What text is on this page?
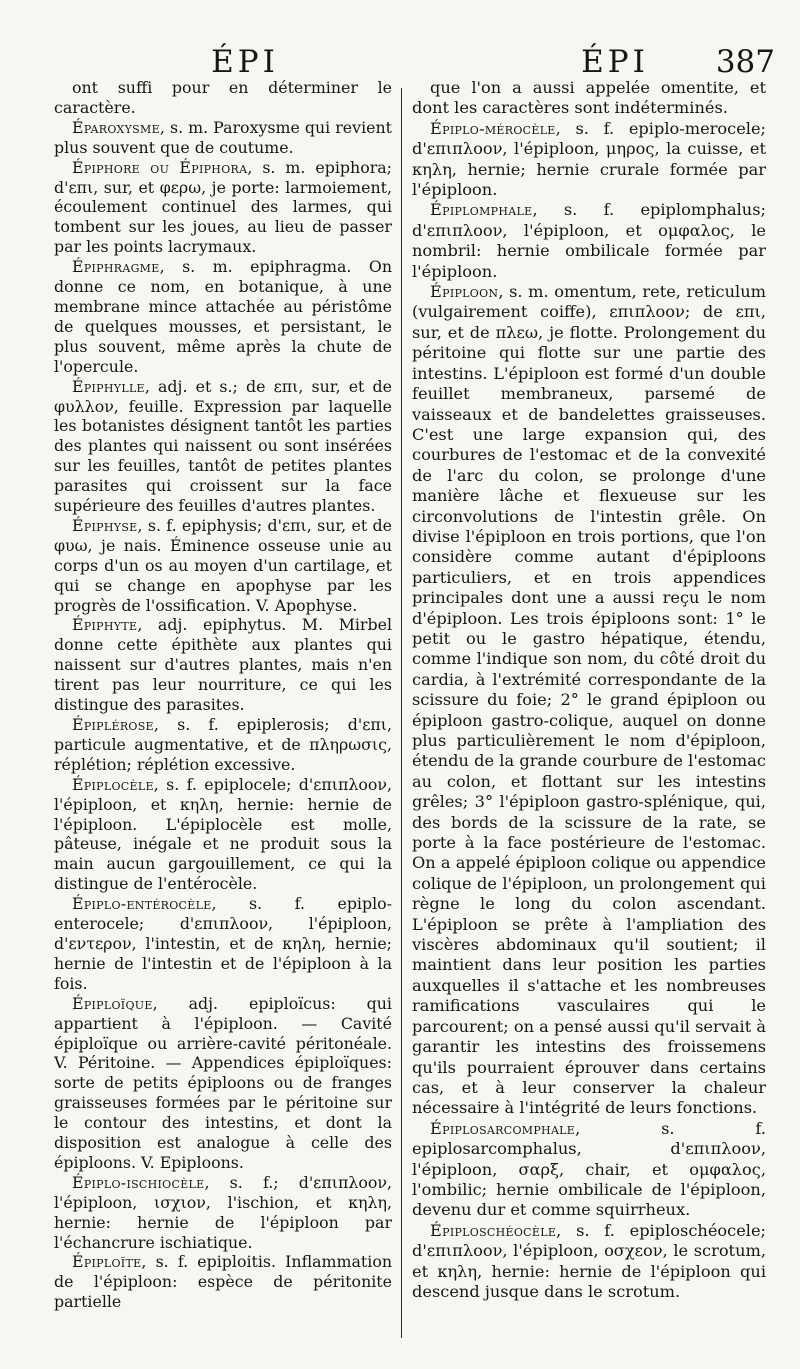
ÉPI	ÉPI	387

ont suffi pour en déterminer le caractère.

Éparoxysme, s. m. Paroxysme qui revient plus souvent que de coutume.

Épiphore ou Épiphora, s. m. epiphora; d'επι, sur, et φερω, je porte: larmoiement, écoulement continuel des larmes, qui tombent sur les joues, au lieu de passer par les points lacrymaux.

Épiphragme, s. m. epiphragma. On donne ce nom, en botanique, à une membrane mince attachée au péristôme de quelques mousses, et persistant, le plus souvent, même après la chute de l'opercule.

Épiphylle, adj. et s.; de επι, sur, et de φυλλον, feuille. Expression par laquelle les botanistes désignent tantôt les parties des plantes qui naissent ou sont insérées sur les feuilles, tantôt de petites plantes parasites qui croissent sur la face supérieure des feuilles d'autres plantes.

Épiphyse, s. f. epiphysis; d'επι, sur, et de φυω, je nais. Éminence osseuse unie au corps d'un os au moyen d'un cartilage, et qui se change en apophyse par les progrès de l'ossification. V. Apophyse.

Épiphyte, adj. epiphytus. M. Mirbel donne cette épithète aux plantes qui naissent sur d'autres plantes, mais n'en tirent pas leur nourriture, ce qui les distingue des parasites.

Épiplérose, s. f. epiplerosis; d'επι, particule augmentative, et de πληρωσις, réplétion; réplétion excessive.

Épiplocèle, s. f. epiplocele; d'επιπλοον, l'épiploon, et κηλη, hernie: hernie de l'épiploon. L'épiplocèle est molle, pâteuse, inégale et ne produit sous la main aucun gargouillement, ce qui la distingue de l'entérocèle.

Épiplo-entérocèle, s. f. epiplo-enterocele; d'επιπλοον, l'épiploon, d'εντερον, l'intestin, et de κηλη, hernie; hernie de l'intestin et de l'épiploon à la fois.

Épiploïque, adj. epiploïcus: qui appartient à l'épiploon. — Cavité épiploïque ou arrière-cavité péritonéale. V. Péritoine. — Appendices épiploïques: sorte de petits épiploons ou de franges graisseuses formées par le péritoine sur le contour des intestins, et dont la disposition est analogue à celle des épiploons. V. Epiploons.

Épiplo-ischiocèle, s. f.; d'επιπλοον, l'épiploon, ισχιον, l'ischion, et κηλη, hernie: hernie de l'épiploon par l'échancrure ischiatique.

Épiploïte, s. f. epiploitis. Inflammation de l'épiploon: espèce de péritonite partielle

que l'on a aussi appelée omentite, et dont les caractères sont indéterminés.

Épiplo-mérocèle, s. f. epiplo-merocele; d'επιπλοον, l'épiploon, μηρος, la cuisse, et κηλη, hernie; hernie crurale formée par l'épiploon.

Épiplomphale, s. f. epiplomphalus; d'επιπλοον, l'épiploon, et ομφαλος, le nombril: hernie ombilicale formée par l'épiploon.

Épiploon, s. m. omentum, rete, reticulum (vulgairement coiffe), επιπλοον; de επι, sur, et de πλεω, je flotte. Prolongement du péritoine qui flotte sur une partie des intestins. L'épiploon est formé d'un double feuillet membraneux, parsemé de vaisseaux et de bandelettes graisseuses. C'est une large expansion qui, des courbures de l'estomac et de la convexité de l'arc du colon, se prolonge d'une manière lâche et flexueuse sur les circonvolutions de l'intestin grêle. On divise l'épiploon en trois portions, que l'on considère comme autant d'épiploons particuliers, et en trois appendices principales dont une a aussi reçu le nom d'épiploon. Les trois épiploons sont: 1° le petit ou le gastro hépatique, étendu, comme l'indique son nom, du côté droit du cardia, à l'extrémité correspondante de la scissure du foie; 2° le grand épiploon ou épiploon gastro-colique, auquel on donne plus particulièrement le nom d'épiploon, étendu de la grande courbure de l'estomac au colon, et flottant sur les intestins grêles; 3° l'épiploon gastro-splénique, qui, des bords de la scissure de la rate, se porte à la face postérieure de l'estomac. On a appelé épiploon colique ou appendice colique de l'épiploon, un prolongement qui règne le long du colon ascendant. L'épiploon se prête à l'ampliation des viscères abdominaux qu'il soutient; il maintient dans leur position les parties auxquelles il s'attache et les nombreuses ramifications vasculaires qui le parcourent; on a pensé aussi qu'il servait à garantir les intestins des froissemens qu'ils pourraient éprouver dans certains cas, et à leur conserver la chaleur nécessaire à l'intégrité de leurs fonctions.

Épiplosarcomphale, s. f. epiplosarcomphalus, d'επιπλοον, l'épiploon, σαρξ, chair, et ομφαλος, l'ombilic; hernie ombilicale de l'épiploon, devenu dur et comme squirrheux.

Épiploschéocèle, s. f. epiploschéocele; d'επιπλοον, l'épiploon, οσχεον, le scrotum, et κηλη, hernie: hernie de l'épiploon qui descend jusque dans le scrotum.
